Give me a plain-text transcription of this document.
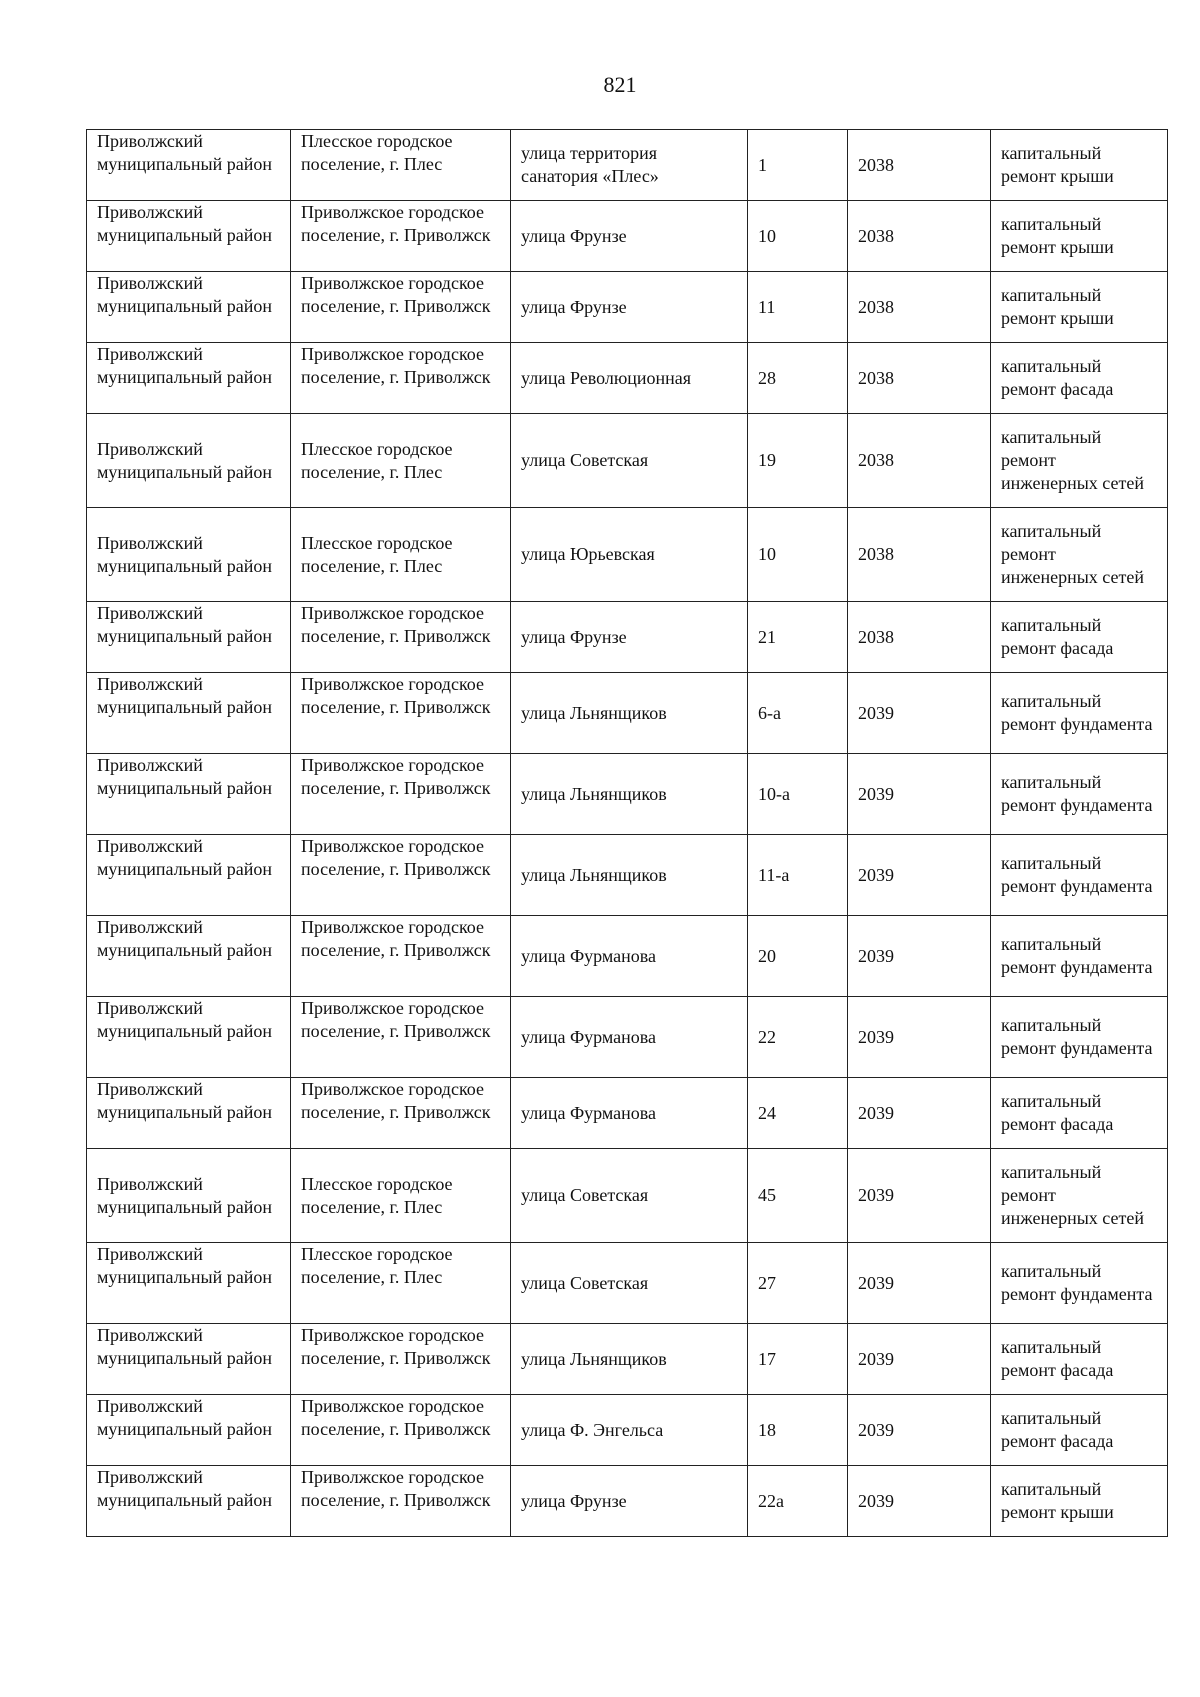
821
Приволжский муниципальный район	Плесское городское поселение, г. Плес	улица территория санатория «Плес»	1	2038	капитальный ремонт крыши
Приволжский муниципальный район	Приволжское городское поселение, г. Приволжск	улица Фрунзе	10	2038	капитальный ремонт крыши
Приволжский муниципальный район	Приволжское городское поселение, г. Приволжск	улица Фрунзе	11	2038	капитальный ремонт крыши
Приволжский муниципальный район	Приволжское городское поселение, г. Приволжск	улица Революционная	28	2038	капитальный ремонт фасада
Приволжский муниципальный район	Плесское городское поселение, г. Плес	улица Советская	19	2038	капитальный ремонт инженерных сетей
Приволжский муниципальный район	Плесское городское поселение, г. Плес	улица Юрьевская	10	2038	капитальный ремонт инженерных сетей
Приволжский муниципальный район	Приволжское городское поселение, г. Приволжск	улица Фрунзе	21	2038	капитальный ремонт фасада
Приволжский муниципальный район	Приволжское городское поселение, г. Приволжск	улица Льнянщиков	6-а	2039	капитальный ремонт фундамента
Приволжский муниципальный район	Приволжское городское поселение, г. Приволжск	улица Льнянщиков	10-а	2039	капитальный ремонт фундамента
Приволжский муниципальный район	Приволжское городское поселение, г. Приволжск	улица Льнянщиков	11-а	2039	капитальный ремонт фундамента
Приволжский муниципальный район	Приволжское городское поселение, г. Приволжск	улица Фурманова	20	2039	капитальный ремонт фундамента
Приволжский муниципальный район	Приволжское городское поселение, г. Приволжск	улица Фурманова	22	2039	капитальный ремонт фундамента
Приволжский муниципальный район	Приволжское городское поселение, г. Приволжск	улица Фурманова	24	2039	капитальный ремонт фасада
Приволжский муниципальный район	Плесское городское поселение, г. Плес	улица Советская	45	2039	капитальный ремонт инженерных сетей
Приволжский муниципальный район	Плесское городское поселение, г. Плес	улица Советская	27	2039	капитальный ремонт фундамента
Приволжский муниципальный район	Приволжское городское поселение, г. Приволжск	улица Льнянщиков	17	2039	капитальный ремонт фасада
Приволжский муниципальный район	Приволжское городское поселение, г. Приволжск	улица Ф. Энгельса	18	2039	капитальный ремонт фасада
Приволжский муниципальный район	Приволжское городское поселение, г. Приволжск	улица Фрунзе	22а	2039	капитальный ремонт крыши
